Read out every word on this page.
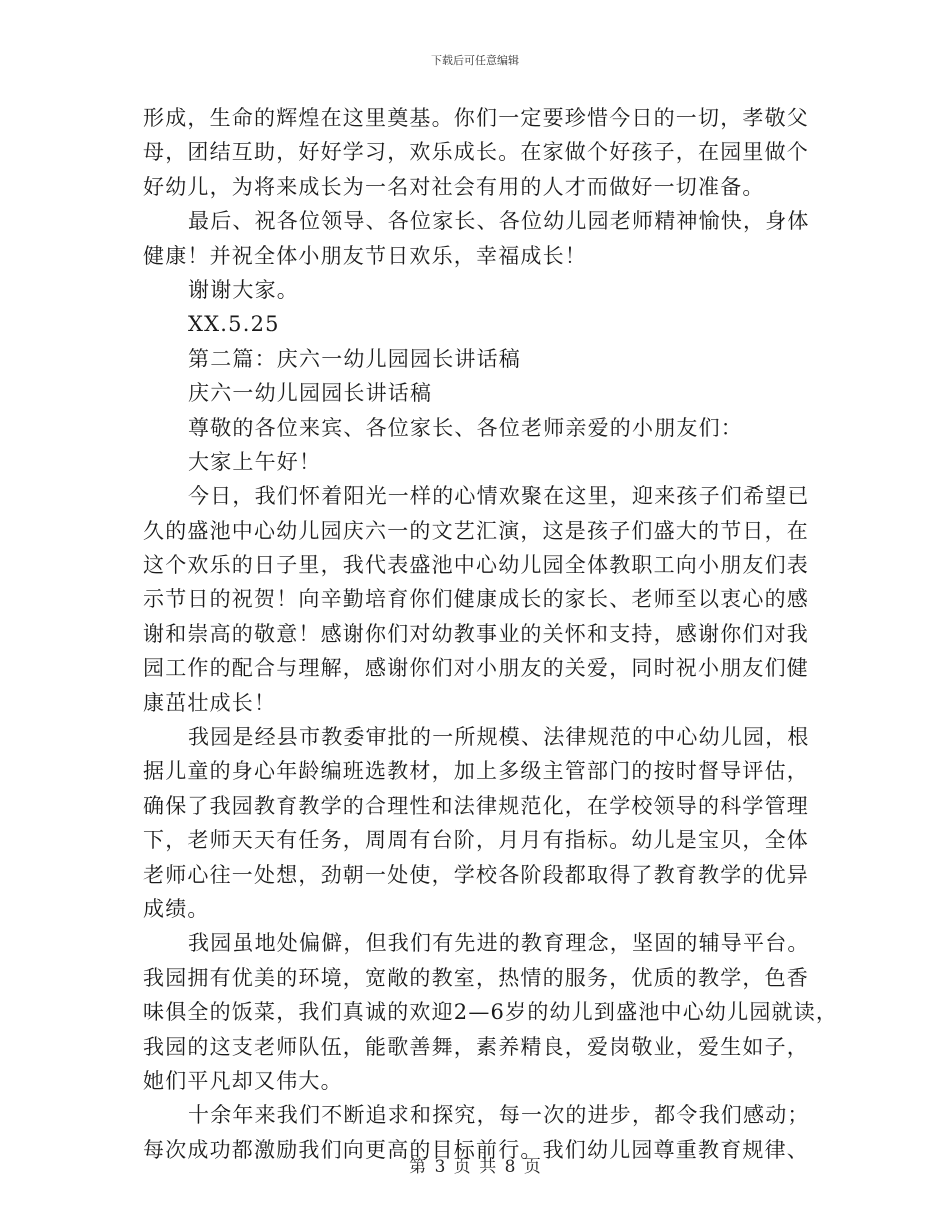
下载后可任意编辑
形成，生命的辉煌在这里奠基。你们一定要珍惜今日的一切，孝敬父
母，团结互助，好好学习，欢乐成长。在家做个好孩子，在园里做个
好幼儿，为将来成长为一名对社会有用的人才而做好一切准备。
最后、祝各位领导、各位家长、各位幼儿园老师精神愉快，身体
健康！并祝全体小朋友节日欢乐，幸福成长！
谢谢大家。
XX.5.25
第二篇：庆六一幼儿园园长讲话稿
庆六一幼儿园园长讲话稿
尊敬的各位来宾、各位家长、各位老师亲爱的小朋友们：
大家上午好！
今日，我们怀着阳光一样的心情欢聚在这里，迎来孩子们希望已
久的盛池中心幼儿园庆六一的文艺汇演，这是孩子们盛大的节日，在
这个欢乐的日子里，我代表盛池中心幼儿园全体教职工向小朋友们表
示节日的祝贺！向辛勤培育你们健康成长的家长、老师至以衷心的感
谢和崇高的敬意！感谢你们对幼教事业的关怀和支持，感谢你们对我
园工作的配合与理解，感谢你们对小朋友的关爱，同时祝小朋友们健
康茁壮成长！
我园是经县市教委审批的一所规模、法律规范的中心幼儿园，根
据儿童的身心年龄编班选教材，加上多级主管部门的按时督导评估，
确保了我园教育教学的合理性和法律规范化，在学校领导的科学管理
下，老师天天有任务，周周有台阶，月月有指标。幼儿是宝贝，全体
老师心往一处想，劲朝一处使，学校各阶段都取得了教育教学的优异
成绩。
我园虽地处偏僻，但我们有先进的教育理念，坚固的辅导平台。
我园拥有优美的环境，宽敞的教室，热情的服务，优质的教学，色香
味俱全的饭菜，我们真诚的欢迎2—6岁的幼儿到盛池中心幼儿园就读，
我园的这支老师队伍，能歌善舞，素养精良，爱岗敬业，爱生如子，
她们平凡却又伟大。
十余年来我们不断追求和探究，每一次的进步，都令我们感动；
每次成功都激励我们向更高的目标前行。我们幼儿园尊重教育规律、
第 3 页 共 8 页
